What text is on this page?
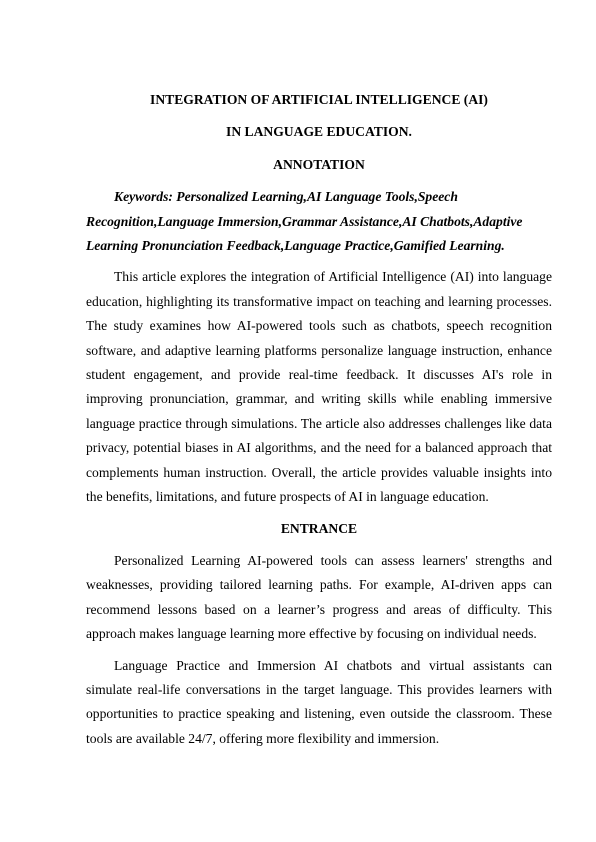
INTEGRATION OF ARTIFICIAL INTELLIGENCE (AI)

IN LANGUAGE EDUCATION.

ANNOTATION

Keywords: Personalized Learning,AI Language Tools,Speech Recognition,Language Immersion,Grammar Assistance,AI Chatbots,Adaptive Learning Pronunciation Feedback,Language Practice,Gamified Learning.

This article explores the integration of Artificial Intelligence (AI) into language education, highlighting its transformative impact on teaching and learning processes. The study examines how AI-powered tools such as chatbots, speech recognition software, and adaptive learning platforms personalize language instruction, enhance student engagement, and provide real-time feedback. It discusses AI's role in improving pronunciation, grammar, and writing skills while enabling immersive language practice through simulations. The article also addresses challenges like data privacy, potential biases in AI algorithms, and the need for a balanced approach that complements human instruction. Overall, the article provides valuable insights into the benefits, limitations, and future prospects of AI in language education.

ENTRANCE

Personalized Learning AI-powered tools can assess learners' strengths and weaknesses, providing tailored learning paths. For example, AI-driven apps can recommend lessons based on a learner’s progress and areas of difficulty. This approach makes language learning more effective by focusing on individual needs.

Language Practice and Immersion AI chatbots and virtual assistants can simulate real-life conversations in the target language. This provides learners with opportunities to practice speaking and listening, even outside the classroom. These tools are available 24/7, offering more flexibility and immersion.
